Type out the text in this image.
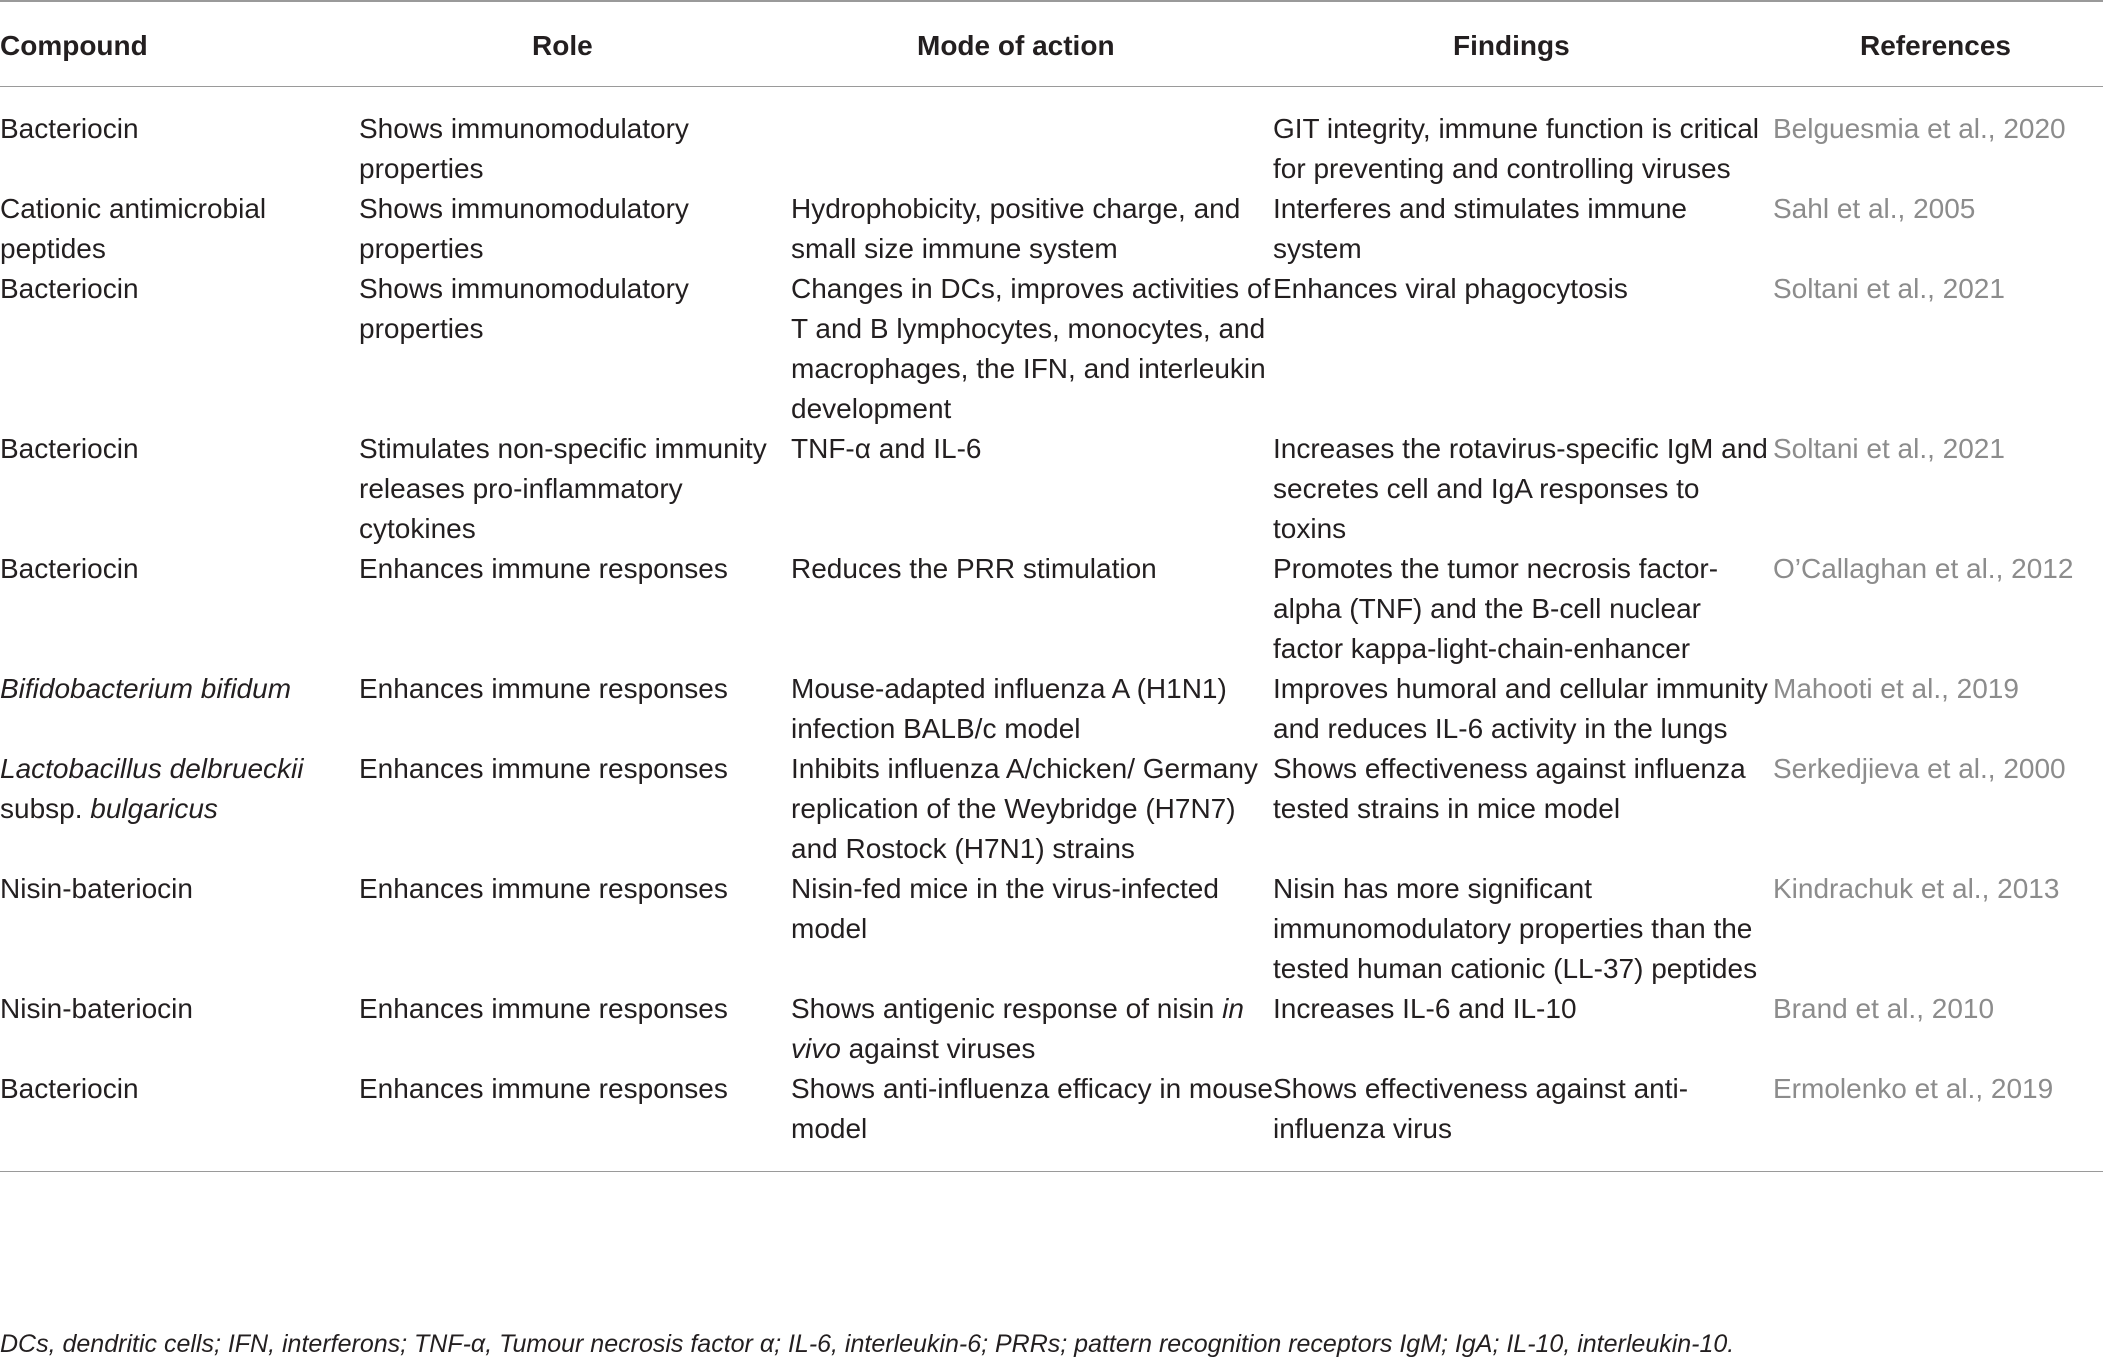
Compound	Role	Mode of action	Findings	References
Bacteriocin	Shows immunomodulatory properties		GIT integrity, immune function is critical for preventing and controlling viruses	Belguesmia et al., 2020
Cationic antimicrobial peptides	Shows immunomodulatory properties	Hydrophobicity, positive charge, and small size immune system	Interferes and stimulates immune system	Sahl et al., 2005
Bacteriocin	Shows immunomodulatory properties	Changes in DCs, improves activities of T and B lymphocytes, monocytes, and macrophages, the IFN, and interleukin development	Enhances viral phagocytosis	Soltani et al., 2021
Bacteriocin	Stimulates non-specific immunity releases pro-inflammatory cytokines	TNF-α and IL-6	Increases the rotavirus-specific IgM and secretes cell and IgA responses to toxins	Soltani et al., 2021
Bacteriocin	Enhances immune responses	Reduces the PRR stimulation	Promotes the tumor necrosis factor-alpha (TNF) and the B-cell nuclear factor kappa-light-chain-enhancer	O’Callaghan et al., 2012
Bifidobacterium bifidum	Enhances immune responses	Mouse-adapted influenza A (H1N1) infection BALB/c model	Improves humoral and cellular immunity and reduces IL-6 activity in the lungs	Mahooti et al., 2019
Lactobacillus delbrueckii subsp. bulgaricus	Enhances immune responses	Inhibits influenza A/chicken/ Germany replication of the Weybridge (H7N7) and Rostock (H7N1) strains	Shows effectiveness against influenza tested strains in mice model	Serkedjieva et al., 2000
Nisin-bateriocin	Enhances immune responses	Nisin-fed mice in the virus-infected model	Nisin has more significant immunomodulatory properties than the tested human cationic (LL-37) peptides	Kindrachuk et al., 2013
Nisin-bateriocin	Enhances immune responses	Shows antigenic response of nisin in vivo against viruses	Increases IL-6 and IL-10	Brand et al., 2010
Bacteriocin	Enhances immune responses	Shows anti-influenza efficacy in mouse model	Shows effectiveness against anti-influenza virus	Ermolenko et al., 2019
DCs, dendritic cells; IFN, interferons; TNF-α, Tumour necrosis factor α; IL-6, interleukin-6; PRRs; pattern recognition receptors IgM; IgA; IL-10, interleukin-10.
